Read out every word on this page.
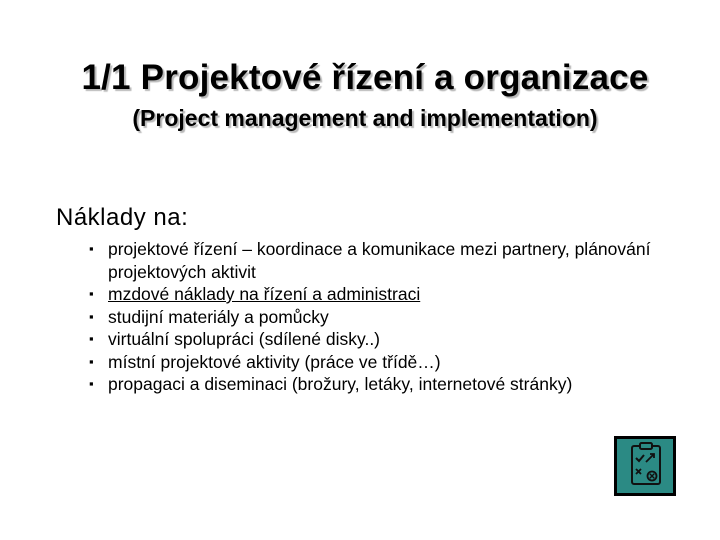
1/1 Projektové řízení a organizace
(Project management and implementation)
Náklady na:
▪ projektové řízení – koordinace a komunikace mezi partnery, plánování projektových aktivit
▪ mzdové náklady na řízení a administraci
▪ studijní materiály a pomůcky
▪ virtuální spolupráci (sdílené disky..)
▪ místní projektové aktivity (práce ve třídě…)
▪ propagaci a diseminaci (brožury, letáky, internetové stránky)
